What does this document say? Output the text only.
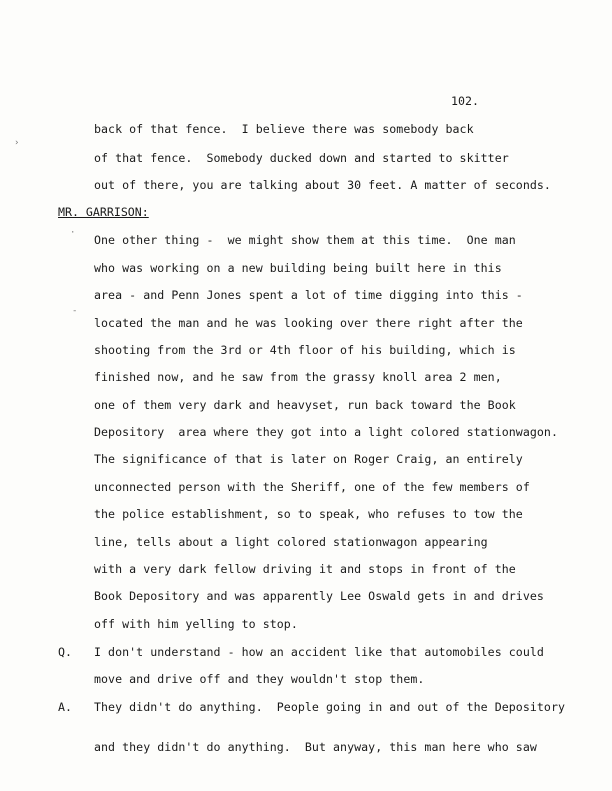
›
·
-
102.
back of that fence.  I believe there was somebody back
of that fence.  Somebody ducked down and started to skitter
out of there, you are talking about 30 feet. A matter of seconds.
MR. GARRISON:
One other thing -  we might show them at this time.  One man
who was working on a new building being built here in this
area - and Penn Jones spent a lot of time digging into this -
located the man and he was looking over there right after the
shooting from the 3rd or 4th floor of his building, which is
finished now, and he saw from the grassy knoll area 2 men,
one of them very dark and heavyset, run back toward the Book
Depository  area where they got into a light colored stationwagon.
The significance of that is later on Roger Craig, an entirely
unconnected person with the Sheriff, one of the few members of
the police establishment, so to speak, who refuses to tow the
line, tells about a light colored stationwagon appearing
with a very dark fellow driving it and stops in front of the
Book Depository and was apparently Lee Oswald gets in and drives
off with him yelling to stop.
Q. I don't understand - how an accident like that automobiles could
move and drive off and they wouldn't stop them.
A. They didn't do anything.  People going in and out of the Depository
and they didn't do anything.  But anyway, this man here who saw
